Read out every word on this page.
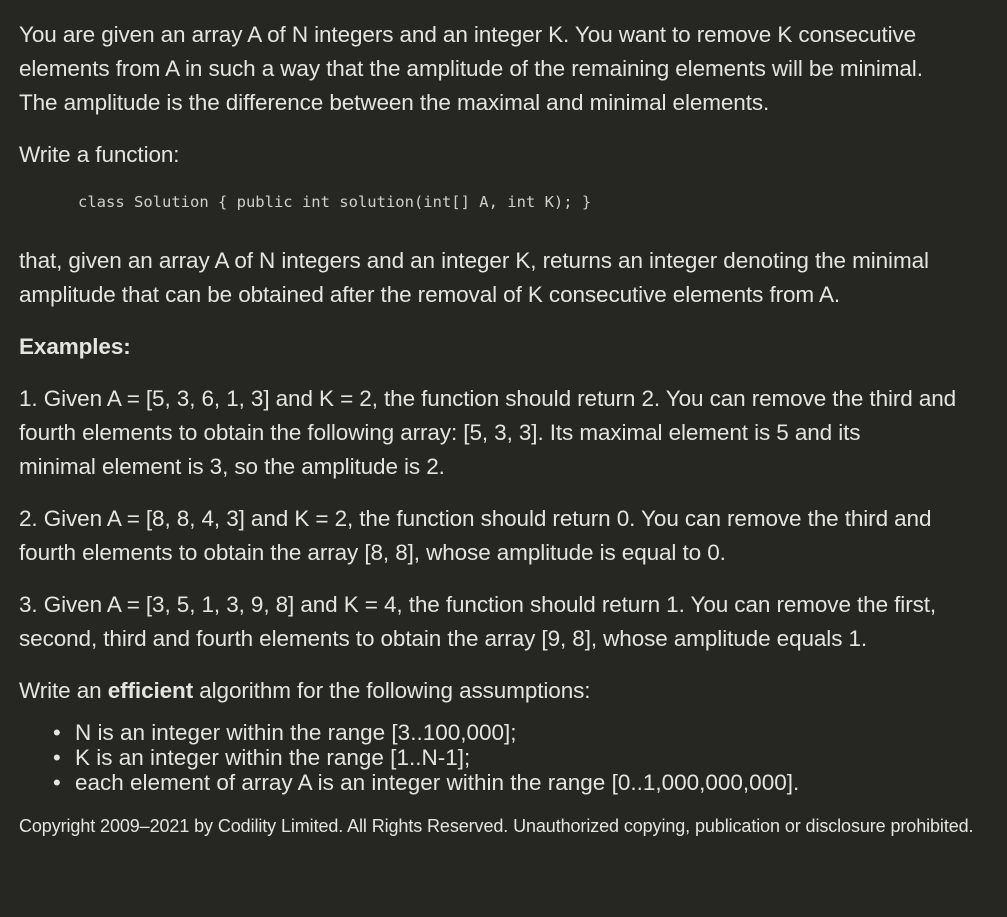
You are given an array A of N integers and an integer K. You want to remove K consecutive

elements from A in such a way that the amplitude of the remaining elements will be minimal.

The amplitude is the difference between the maximal and minimal elements.

Write a function:

class Solution { public int solution(int[] A, int K); }

that, given an array A of N integers and an integer K, returns an integer denoting the minimal

amplitude that can be obtained after the removal of K consecutive elements from A.

Examples:

1. Given A = [5, 3, 6, 1, 3] and K = 2, the function should return 2. You can remove the third and

fourth elements to obtain the following array: [5, 3, 3]. Its maximal element is 5 and its

minimal element is 3, so the amplitude is 2.

2. Given A = [8, 8, 4, 3] and K = 2, the function should return 0. You can remove the third and

fourth elements to obtain the array [8, 8], whose amplitude is equal to 0.

3. Given A = [3, 5, 1, 3, 9, 8] and K = 4, the function should return 1. You can remove the first,

second, third and fourth elements to obtain the array [9, 8], whose amplitude equals 1.

Write an efficient algorithm for the following assumptions:

• N is an integer within the range [3..100,000];
• K is an integer within the range [1..N-1];
• each element of array A is an integer within the range [0..1,000,000,000].

Copyright 2009–2021 by Codility Limited. All Rights Reserved. Unauthorized copying, publication or disclosure prohibited.
